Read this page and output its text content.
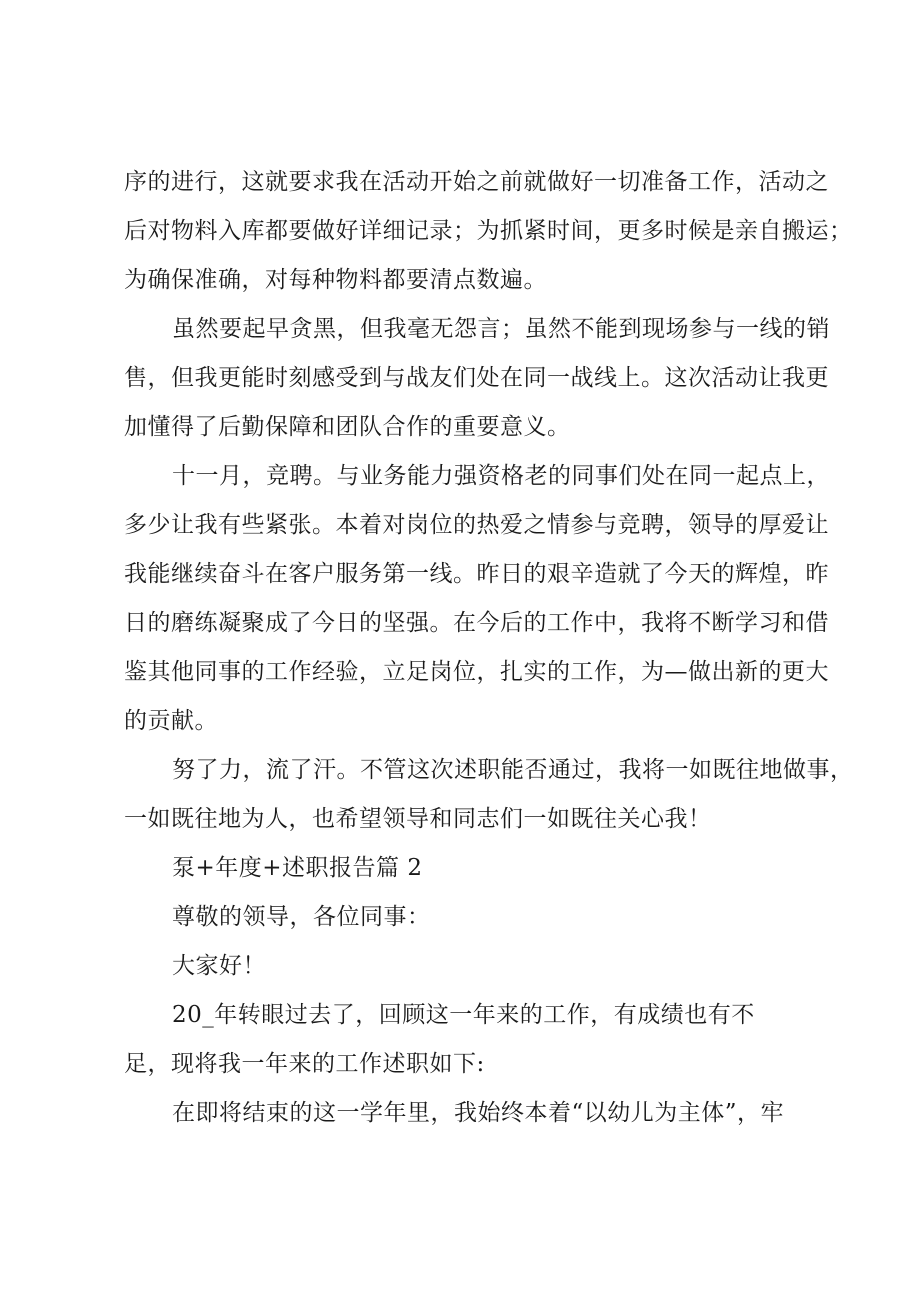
序的进行，这就要求我在活动开始之前就做好一切准备工作，活动之
后对物料入库都要做好详细记录；为抓紧时间，更多时候是亲自搬运；
为确保准确，对每种物料都要清点数遍。
虽然要起早贪黑，但我毫无怨言；虽然不能到现场参与一线的销
售，但我更能时刻感受到与战友们处在同一战线上。这次活动让我更
加懂得了后勤保障和团队合作的重要意义。
十一月，竞聘。与业务能力强资格老的同事们处在同一起点上，
多少让我有些紧张。本着对岗位的热爱之情参与竞聘，领导的厚爱让
我能继续奋斗在客户服务第一线。昨日的艰辛造就了今天的辉煌，昨
日的磨练凝聚成了今日的坚强。在今后的工作中，我将不断学习和借
鉴其他同事的工作经验，立足岗位，扎实的工作，为—做出新的更大
的贡献。
努了力，流了汗。不管这次述职能否通过，我将一如既往地做事，
一如既往地为人，也希望领导和同志们一如既往关心我！
泵+年度+述职报告篇 2
尊敬的领导，各位同事：
大家好！
20_年转眼过去了，回顾这一年来的工作，有成绩也有不
足，现将我一年来的工作述职如下:
在即将结束的这一学年里，我始终本着“以幼儿为主体”，牢
